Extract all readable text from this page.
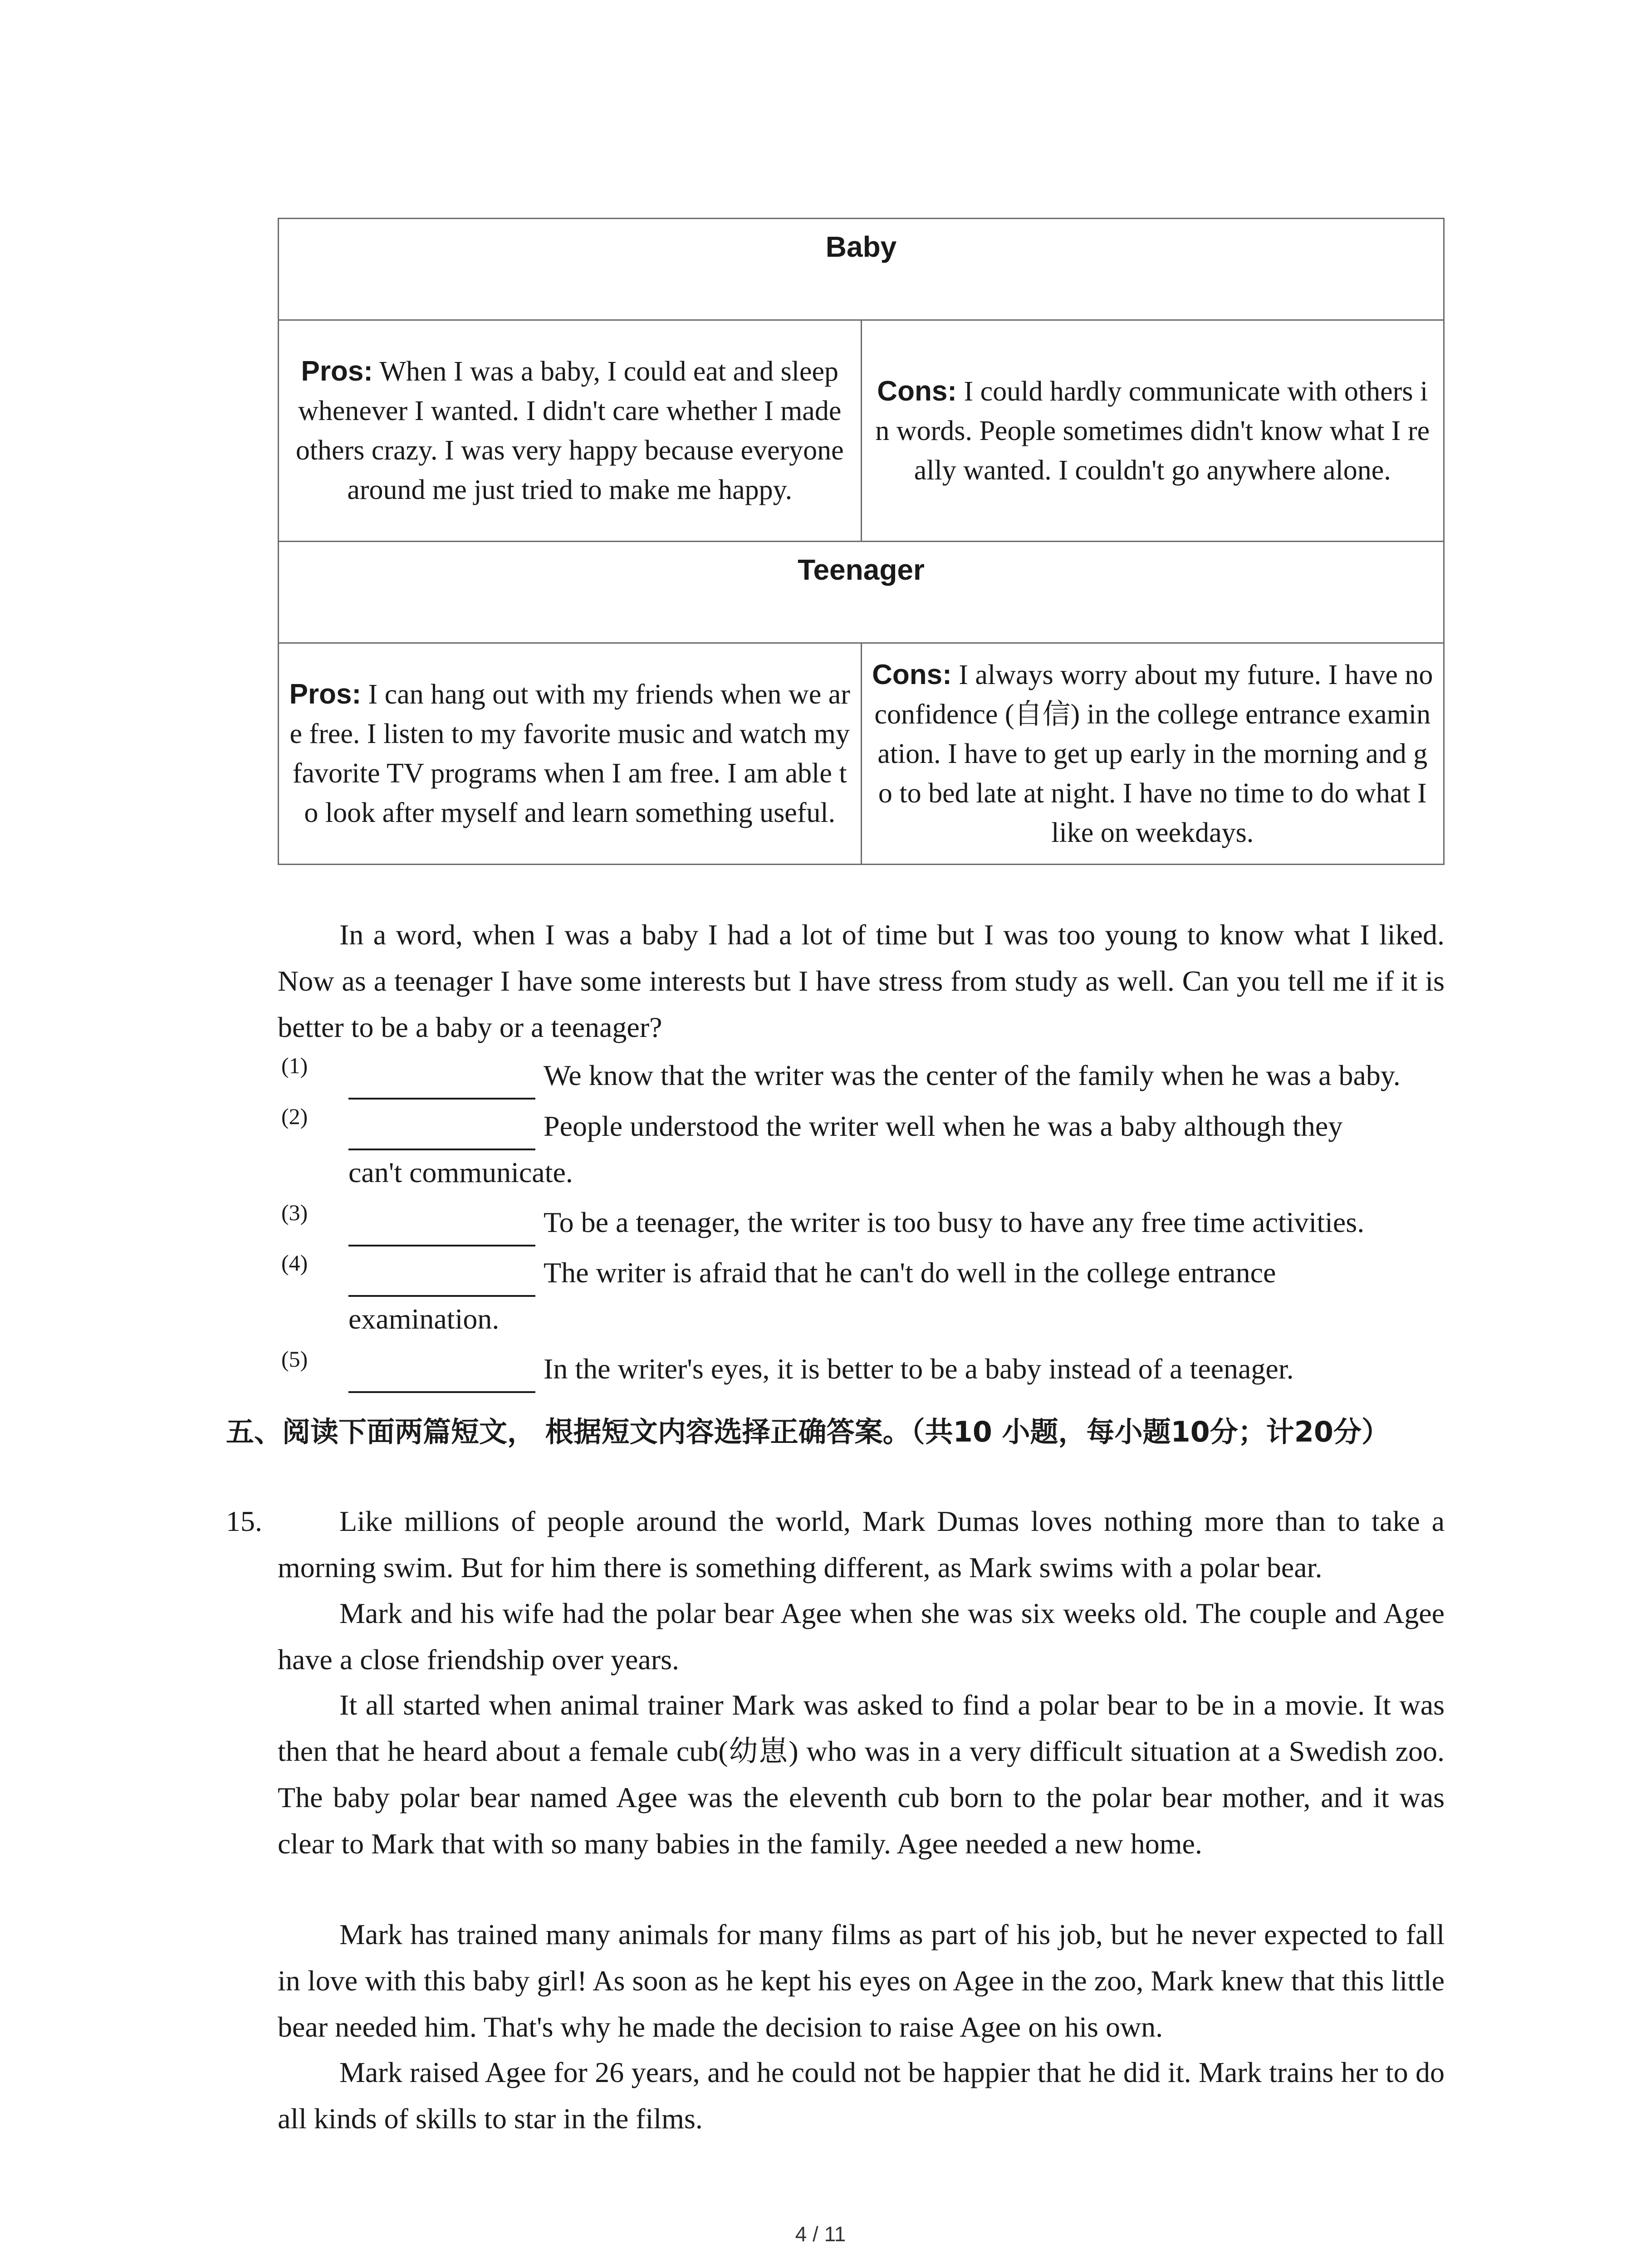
Baby	
Pros: When I was a baby, I could eat and sleep whenever I wanted. I didn't care whether I made others crazy. I was very happy because everyone around me just tried to make me happy.	Cons: I could hardly communicate with others in words. People sometimes didn't know what I really wanted. I couldn't go anywhere alone.
Teenager	
Pros: I can hang out with my friends when we are free. I listen to my favorite music and watch my favorite TV programs when I am free. I am able to look after myself and learn something useful.	Cons: I always worry about my future. I have no confidence (自信) in the college entrance examination. I have to get up early in the morning and go to bed late at night. I have no time to do what I like on weekdays.
In a word, when I was a baby I had a lot of time but I was too young to know what I liked. Now as a teenager I have some interests but I have stress from study as well. Can you tell me if it is better to be a baby or a teenager?
(1)	We know that the writer was the center of the family when he was a baby.
(2)	People understood the writer well when he was a baby although they
can't communicate.
(3)	To be a teenager, the writer is too busy to have any free time activities.
(4)	The writer is afraid that he can't do well in the college entrance
examination.
(5)	In the writer's eyes, it is better to be a baby instead of a teenager.
五、阅读下面两篇短文， 根据短文内容选择正确答案。（共10 小题，每小题10分；计20分）
15.	Like millions of people around the world, Mark Dumas loves nothing more than to take a morning swim. But for him there is something different, as Mark swims with a polar bear.
Mark and his wife had the polar bear Agee when she was six weeks old. The couple and Agee have a close friendship over years.
It all started when animal trainer Mark was asked to find a polar bear to be in a movie. It was then that he heard about a female cub(幼崽) who was in a very difficult situation at a Swedish zoo. The baby polar bear named Agee was the eleventh cub born to the polar bear mother, and it was clear to Mark that with so many babies in the family. Agee needed a new home.
Mark has trained many animals for many films as part of his job, but he never expected to fall in love with this baby girl! As soon as he kept his eyes on Agee in the zoo, Mark knew that this little bear needed him. That's why he made the decision to raise Agee on his own.
Mark raised Agee for 26 years, and he could not be happier that he did it. Mark trains her to do all kinds of skills to star in the films.
4 / 11
